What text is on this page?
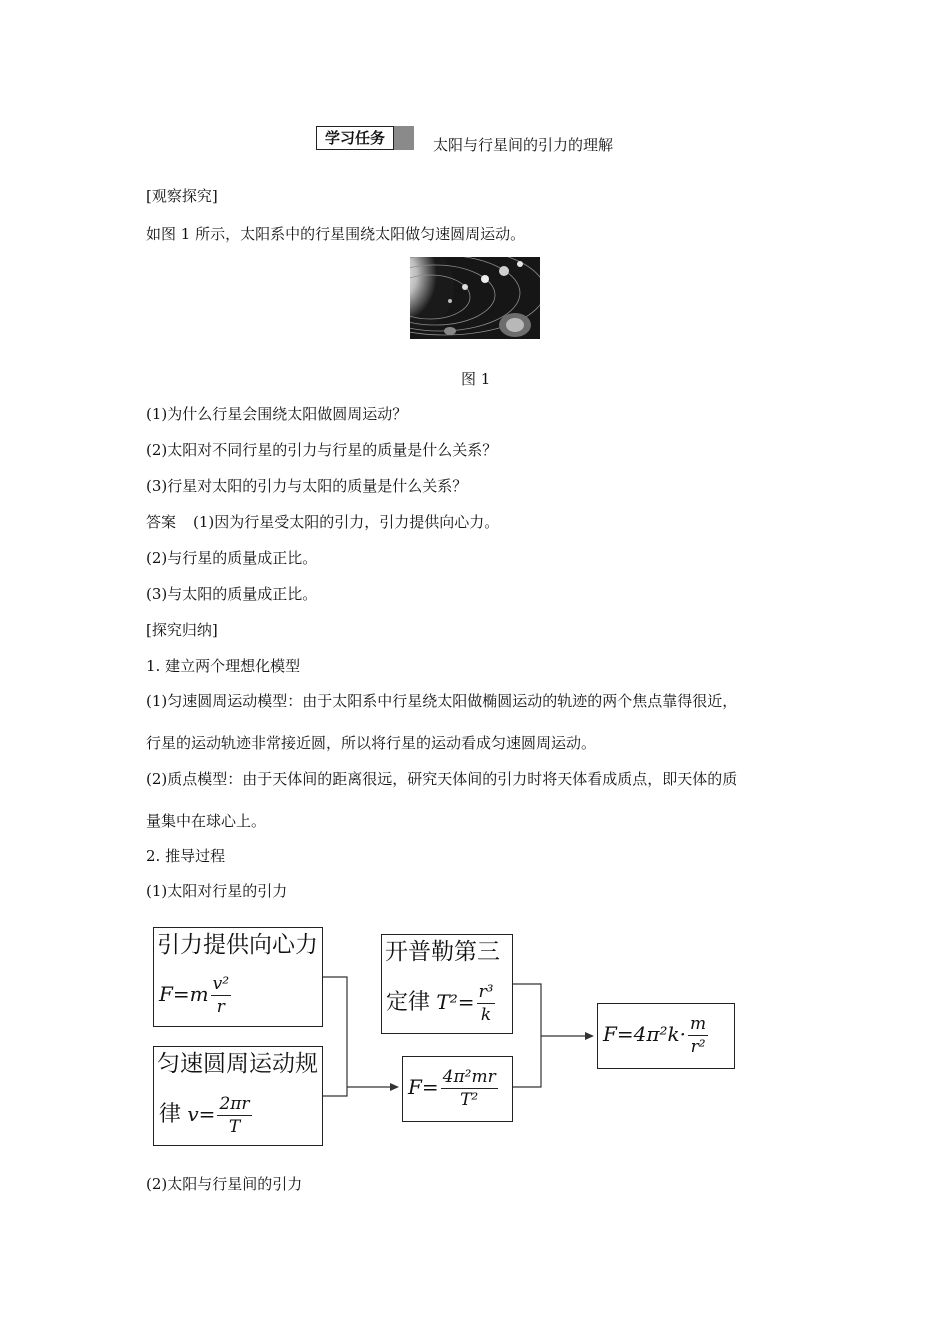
学习任务	太阳与行星间的引力的理解
[观察探究]
如图 1 所示，太阳系中的行星围绕太阳做匀速圆周运动。
图 1
(1)为什么行星会围绕太阳做圆周运动？
(2)太阳对不同行星的引力与行星的质量是什么关系？
(3)行星对太阳的引力与太阳的质量是什么关系？
答案 (1)因为行星受太阳的引力，引力提供向心力。
(2)与行星的质量成正比。
(3)与太阳的质量成正比。
[探究归纳]
1. 建立两个理想化模型
(1)匀速圆周运动模型：由于太阳系中行星绕太阳做椭圆运动的轨迹的两个焦点靠得很近，
行星的运动轨迹非常接近圆，所以将行星的运动看成匀速圆周运动。
(2)质点模型：由于天体间的距离很远，研究天体间的引力时将天体看成质点，即天体的质
量集中在球心上。
2. 推导过程
(1)太阳对行星的引力
引力提供向心力
$F=m \frac{\text{v²}}{r}$
匀速圆周运动规
律 $v= \frac{2\pi r}{T}$
开普勒第三
定律 $T^2= \frac{\text{r³}}{k}$
$F= \frac{\text{4π²mr}}{\text{T²}}$
$F=4\pi^2k\cdot \frac{m}{\text{r²}}$
(2)太阳与行星间的引力
